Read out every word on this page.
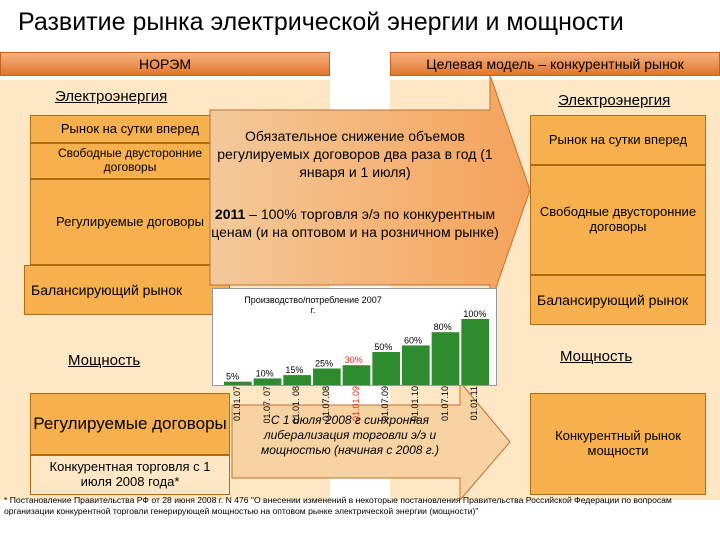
Развитие рынка электрической энергии и мощности
НОРЭМ	Целевая модель – конкурентный рынок
Электроэнергия
Рынок на сутки вперед
Свободные двусторонние договоры
Регулируемые договоры
Балансирующий рынок
Мощность
Регулируемые договоры
Конкурентная торговля с 1 июля 2008 года*
Электроэнергия
Рынок на сутки вперед
Свободные двусторонние договоры
Балансирующий рынок
Мощность
Конкурентный рынок мощности
Обязательное снижение объемов регулируемых договоров два раза в год (1 января и 1 июля)
2011 – 100% торговля э/э по конкурентным ценам (и на оптовом и на розничном рынке)
С 1 июля 2008 г синхронная либерализация торговли э/э и мощностью (начиная с 2008 г.)
Производство/потребление 2007 г.
5% 10% 15%
25% 30%
50%
60%
80%
100%
01.01.07 01.07. 07 01.01. 08 01.07.08 01.01.09 01.07.09 01.01.10 01.07.10 01.01.11
* Постановление Правительства РФ от 28 июня 2008 г. N 476 "О внесении изменений в некоторые постановления Правительства Российской Федерации по вопросам организации конкурентной торговли генерирующей мощностью на оптовом рынке электрической энергии (мощности)"
